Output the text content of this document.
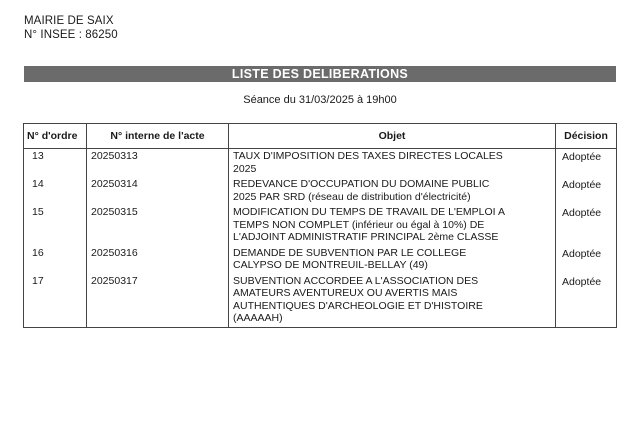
MAIRIE DE SAIX
N° INSEE : 86250
LISTE DES DELIBERATIONS
Séance du 31/03/2025 à 19h00
N° d'ordre	N° interne de l'acte	Objet	Décision
13	20250313	TAUX D'IMPOSITION DES TAXES DIRECTES LOCALES
2025	Adoptée
14	20250314	REDEVANCE D'OCCUPATION DU DOMAINE PUBLIC
2025 PAR SRD (réseau de distribution d'électricité)	Adoptée
15	20250315	MODIFICATION DU TEMPS DE TRAVAIL DE L'EMPLOI A
TEMPS NON COMPLET (inférieur ou égal à 10%) DE
L'ADJOINT ADMINISTRATIF PRINCIPAL 2ème CLASSE	Adoptée
16	20250316	DEMANDE DE SUBVENTION PAR LE COLLEGE
CALYPSO DE MONTREUIL-BELLAY (49)	Adoptée
17	20250317	SUBVENTION ACCORDEE A L'ASSOCIATION DES
AMATEURS AVENTUREUX OU AVERTIS MAIS
AUTHENTIQUES D'ARCHEOLOGIE ET D'HISTOIRE
(AAAAAH)	Adoptée
